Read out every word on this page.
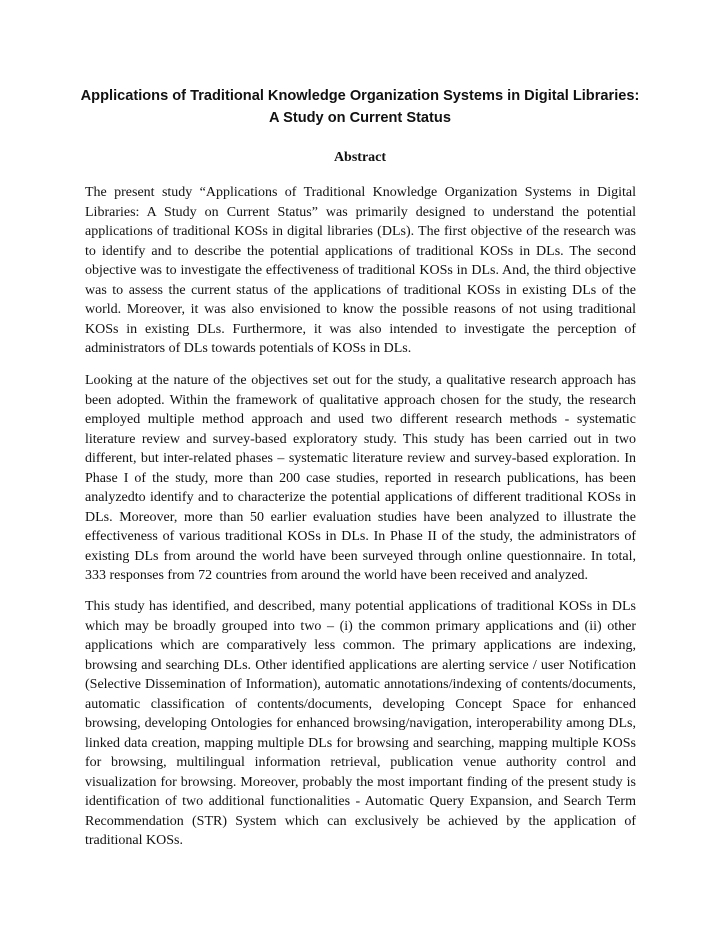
Applications of Traditional Knowledge Organization Systems in Digital Libraries:
A Study on Current Status
Abstract

The present study “Applications of Traditional Knowledge Organization Systems in Digital Libraries: A Study on Current Status” was primarily designed to understand the potential applications of traditional KOSs in digital libraries (DLs). The first objective of the research was to identify and to describe the potential applications of traditional KOSs in DLs. The second objective was to investigate the effectiveness of traditional KOSs in DLs. And, the third objective was to assess the current status of the applications of traditional KOSs in existing DLs of the world. Moreover, it was also envisioned to know the possible reasons of not using traditional KOSs in existing DLs. Furthermore, it was also intended to investigate the perception of administrators of DLs towards potentials of KOSs in DLs.

Looking at the nature of the objectives set out for the study, a qualitative research approach has been adopted. Within the framework of qualitative approach chosen for the study, the research employed multiple method approach and used two different research methods - systematic literature review and survey-based exploratory study. This study has been carried out in two different, but inter-related phases – systematic literature review and survey-based exploration. In Phase I of the study, more than 200 case studies, reported in research publications, has been analyzedto identify and to characterize the potential applications of different traditional KOSs in DLs. Moreover, more than 50 earlier evaluation studies have been analyzed to illustrate the effectiveness of various traditional KOSs in DLs. In Phase II of the study, the administrators of existing DLs from around the world have been surveyed through online questionnaire. In total, 333 responses from 72 countries from around the world have been received and analyzed.

This study has identified, and described, many potential applications of traditional KOSs in DLs which may be broadly grouped into two – (i) the common primary applications and (ii) other applications which are comparatively less common. The primary applications are indexing, browsing and searching DLs. Other identified applications are alerting service / user Notification (Selective Dissemination of Information), automatic annotations/indexing of contents/documents, automatic classification of contents/documents, developing Concept Space for enhanced browsing, developing Ontologies for enhanced browsing/navigation, interoperability among DLs, linked data creation, mapping multiple DLs for browsing and searching, mapping multiple KOSs for browsing, multilingual information retrieval, publication venue authority control and visualization for browsing. Moreover, probably the most important finding of the present study is identification of two additional functionalities - Automatic Query Expansion, and Search Term Recommendation (STR) System which can exclusively be achieved by the application of traditional KOSs.
